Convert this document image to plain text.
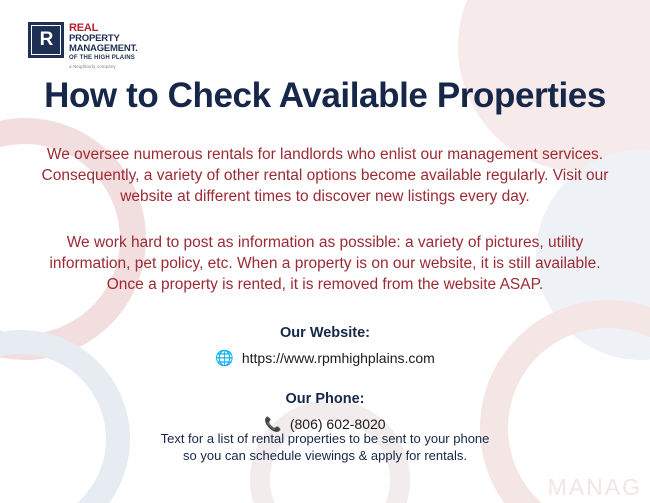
MANAG
R
REAL
PROPERTY
MANAGEMENT.
OF THE HIGH PLAINS
a Neighborly company
How to Check Available Properties

We oversee numerous rentals for landlords who enlist our management services. Consequently, a variety of other rental options become available regularly. Visit our website at different times to discover new listings every day.

We work hard to post as information as possible: a variety of pictures, utility information, pet policy, etc. When a property is on our website, it is still available. Once a property is rented, it is removed from the website ASAP.

Our Website:
🌐 https://www.rpmhighplains.com
Our Phone:
📞 (806) 602-8020
Text for a list of rental properties to be sent to your phone
so you can schedule viewings & apply for rentals.
